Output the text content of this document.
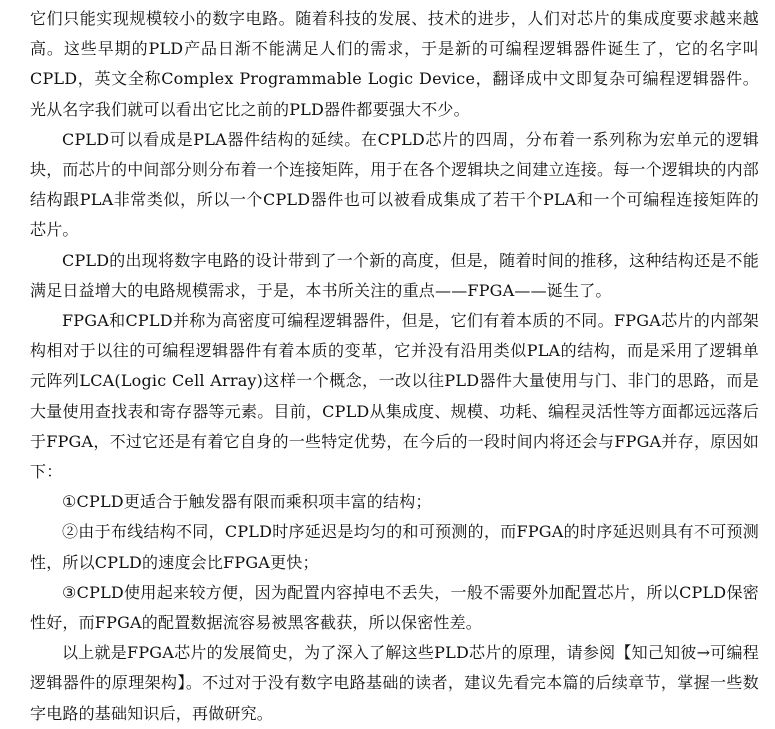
它们只能实现规模较小的数字电路。随着科技的发展、技术的进步，人们对芯片的集成度要求越来越高。这些早期的PLD产品日渐不能满足人们的需求，于是新的可编程逻辑器件诞生了，它的名字叫CPLD，英文全称Complex Programmable Logic Device，翻译成中文即复杂可编程逻辑器件。光从名字我们就可以看出它比之前的PLD器件都要强大不少。

CPLD可以看成是PLA器件结构的延续。在CPLD芯片的四周，分布着一系列称为宏单元的逻辑块，而芯片的中间部分则分布着一个连接矩阵，用于在各个逻辑块之间建立连接。每一个逻辑块的内部结构跟PLA非常类似，所以一个CPLD器件也可以被看成集成了若干个PLA和一个可编程连接矩阵的芯片。

CPLD的出现将数字电路的设计带到了一个新的高度，但是，随着时间的推移，这种结构还是不能满足日益增大的电路规模需求，于是，本书所关注的重点——FPGA——诞生了。

FPGA和CPLD并称为高密度可编程逻辑器件，但是，它们有着本质的不同。FPGA芯片的内部架构相对于以往的可编程逻辑器件有着本质的变革，它并没有沿用类似PLA的结构，而是采用了逻辑单元阵列LCA(Logic Cell Array)这样一个概念，一改以往PLD器件大量使用与门、非门的思路，而是大量使用查找表和寄存器等元素。目前，CPLD从集成度、规模、功耗、编程灵活性等方面都远远落后于FPGA，不过它还是有着它自身的一些特定优势，在今后的一段时间内将还会与FPGA并存，原因如下：

①CPLD更适合于触发器有限而乘积项丰富的结构；

②由于布线结构不同，CPLD时序延迟是均匀的和可预测的，而FPGA的时序延迟则具有不可预测性，所以CPLD的速度会比FPGA更快；

③CPLD使用起来较方便，因为配置内容掉电不丢失，一般不需要外加配置芯片，所以CPLD保密性好，而FPGA的配置数据流容易被黑客截获，所以保密性差。

以上就是FPGA芯片的发展简史，为了深入了解这些PLD芯片的原理，请参阅【知己知彼→可编程逻辑器件的原理架构】。不过对于没有数字电路基础的读者，建议先看完本篇的后续章节，掌握一些数字电路的基础知识后，再做研究。
